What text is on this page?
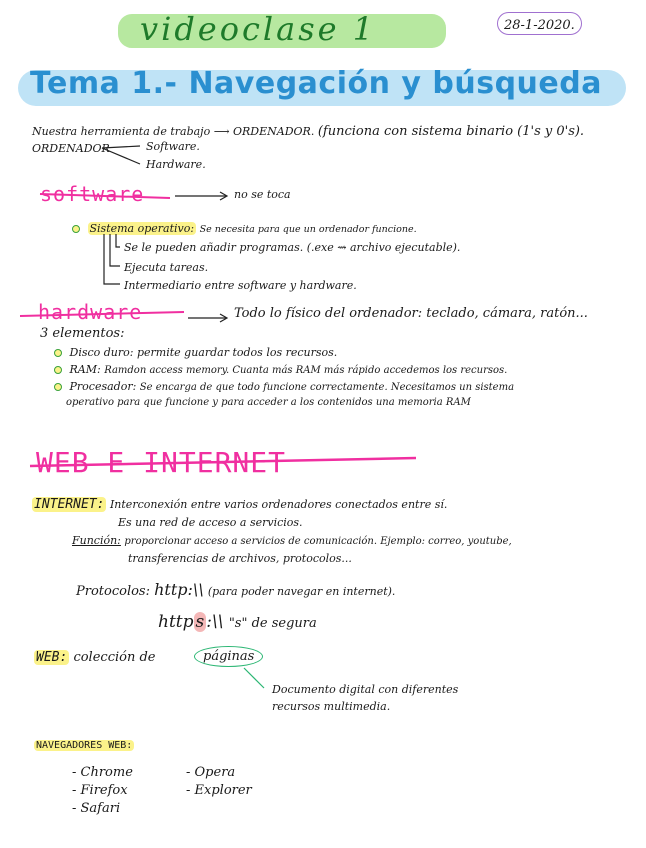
videoclase 1	28-1-2020.
Tema 1.- Navegación y búsqueda
Nuestra herramienta de trabajo ⟶ ORDENADOR. (funciona con sistema binario (1's y 0's).
ORDENADOR	Software.
Hardware.
software	no se toca
Sistema operativo: Se necesita para que un ordenador funcione.
Se le pueden añadir programas. (.exe ⇝ archivo ejecutable).
Ejecuta tareas.
Intermediario entre software y hardware.
hardware	Todo lo físico del ordenador: teclado, cámara, ratón...
3 elementos:
Disco duro: permite guardar todos los recursos.
RAM: Ramdon access memory. Cuanta más RAM más rápido accedemos los recursos.
Procesador: Se encarga de que todo funcione correctamente. Necesitamos un sistema
operativo para que funcione y para acceder a los contenidos una memoria RAM
WEB E INTERNET
INTERNET: Interconexión entre varios ordenadores conectados entre sí.
Es una red de acceso a servicios.
Función: proporcionar acceso a servicios de comunicación. Ejemplo: correo, youtube,
transferencias de archivos, protocolos...
Protocolos: http:\\ (para poder navegar en internet).
http s :\\ "s" de segura
WEB: colección de	páginas
Documento digital con diferentes
recursos multimedia.
NAVEGADORES WEB:
- Chrome
- Firefox
- Safari
- Opera
- Explorer
